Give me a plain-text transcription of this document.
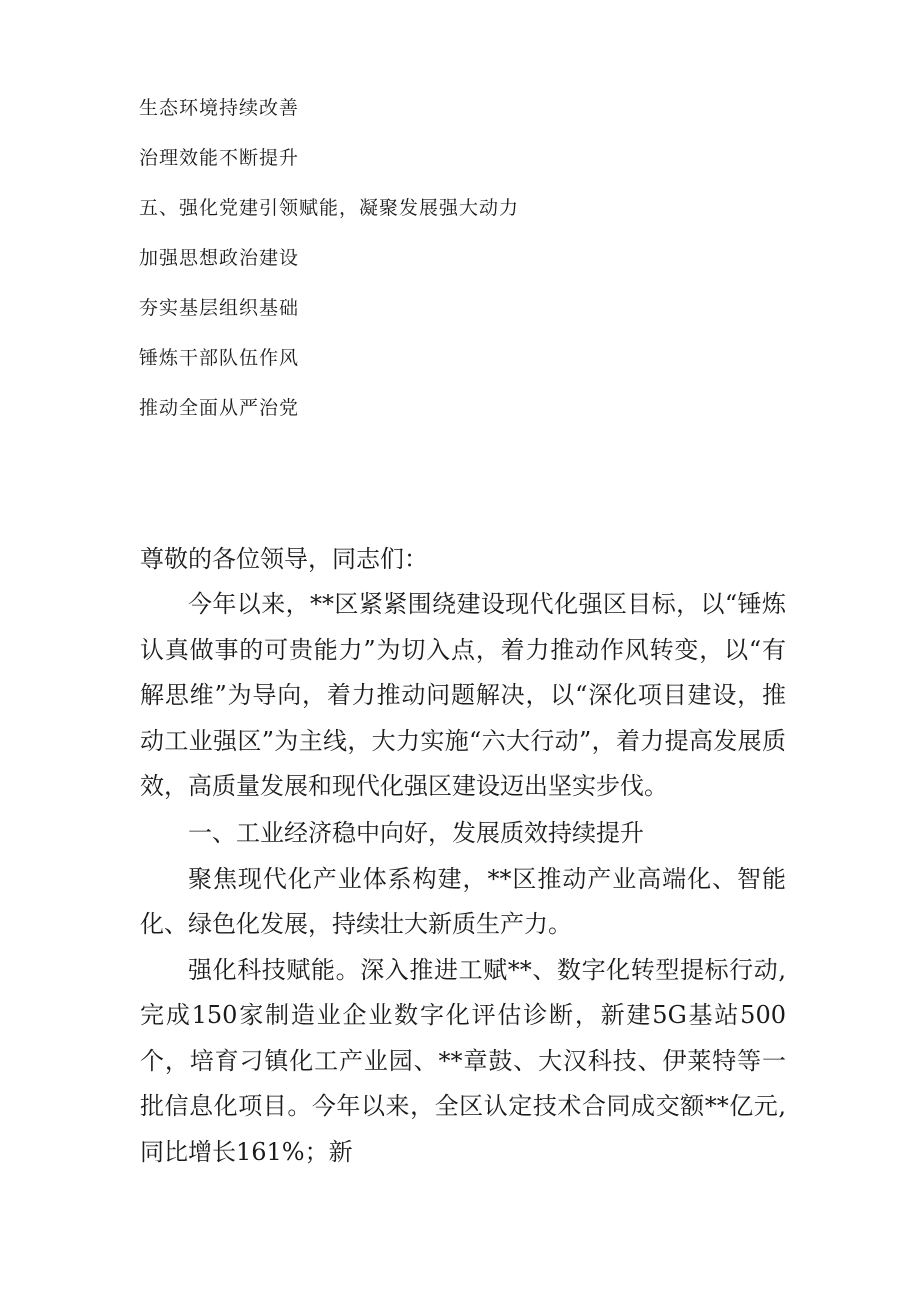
生态环境持续改善
治理效能不断提升
五、强化党建引领赋能，凝聚发展强大动力
加强思想政治建设
夯实基层组织基础
锤炼干部队伍作风
推动全面从严治党

尊敬的各位领导，同志们：

今年以来，**区紧紧围绕建设现代化强区目标，以“锤炼认真做事的可贵能力”为切入点，着力推动作风转变，以“有解思维”为导向，着力推动问题解决，以“深化项目建设，推动工业强区”为主线，大力实施“六大行动”，着力提高发展质效，高质量发展和现代化强区建设迈出坚实步伐。

一、工业经济稳中向好，发展质效持续提升

聚焦现代化产业体系构建，**区推动产业高端化、智能化、绿色化发展，持续壮大新质生产力。

强化科技赋能。深入推进工赋**、数字化转型提标行动,完成150家制造业企业数字化评估诊断，新建5G基站500个，培育刁镇化工产业园、**章鼓、大汉科技、伊莱特等一批信息化项目。今年以来，全区认定技术合同成交额**亿元,同比增长161%；新
